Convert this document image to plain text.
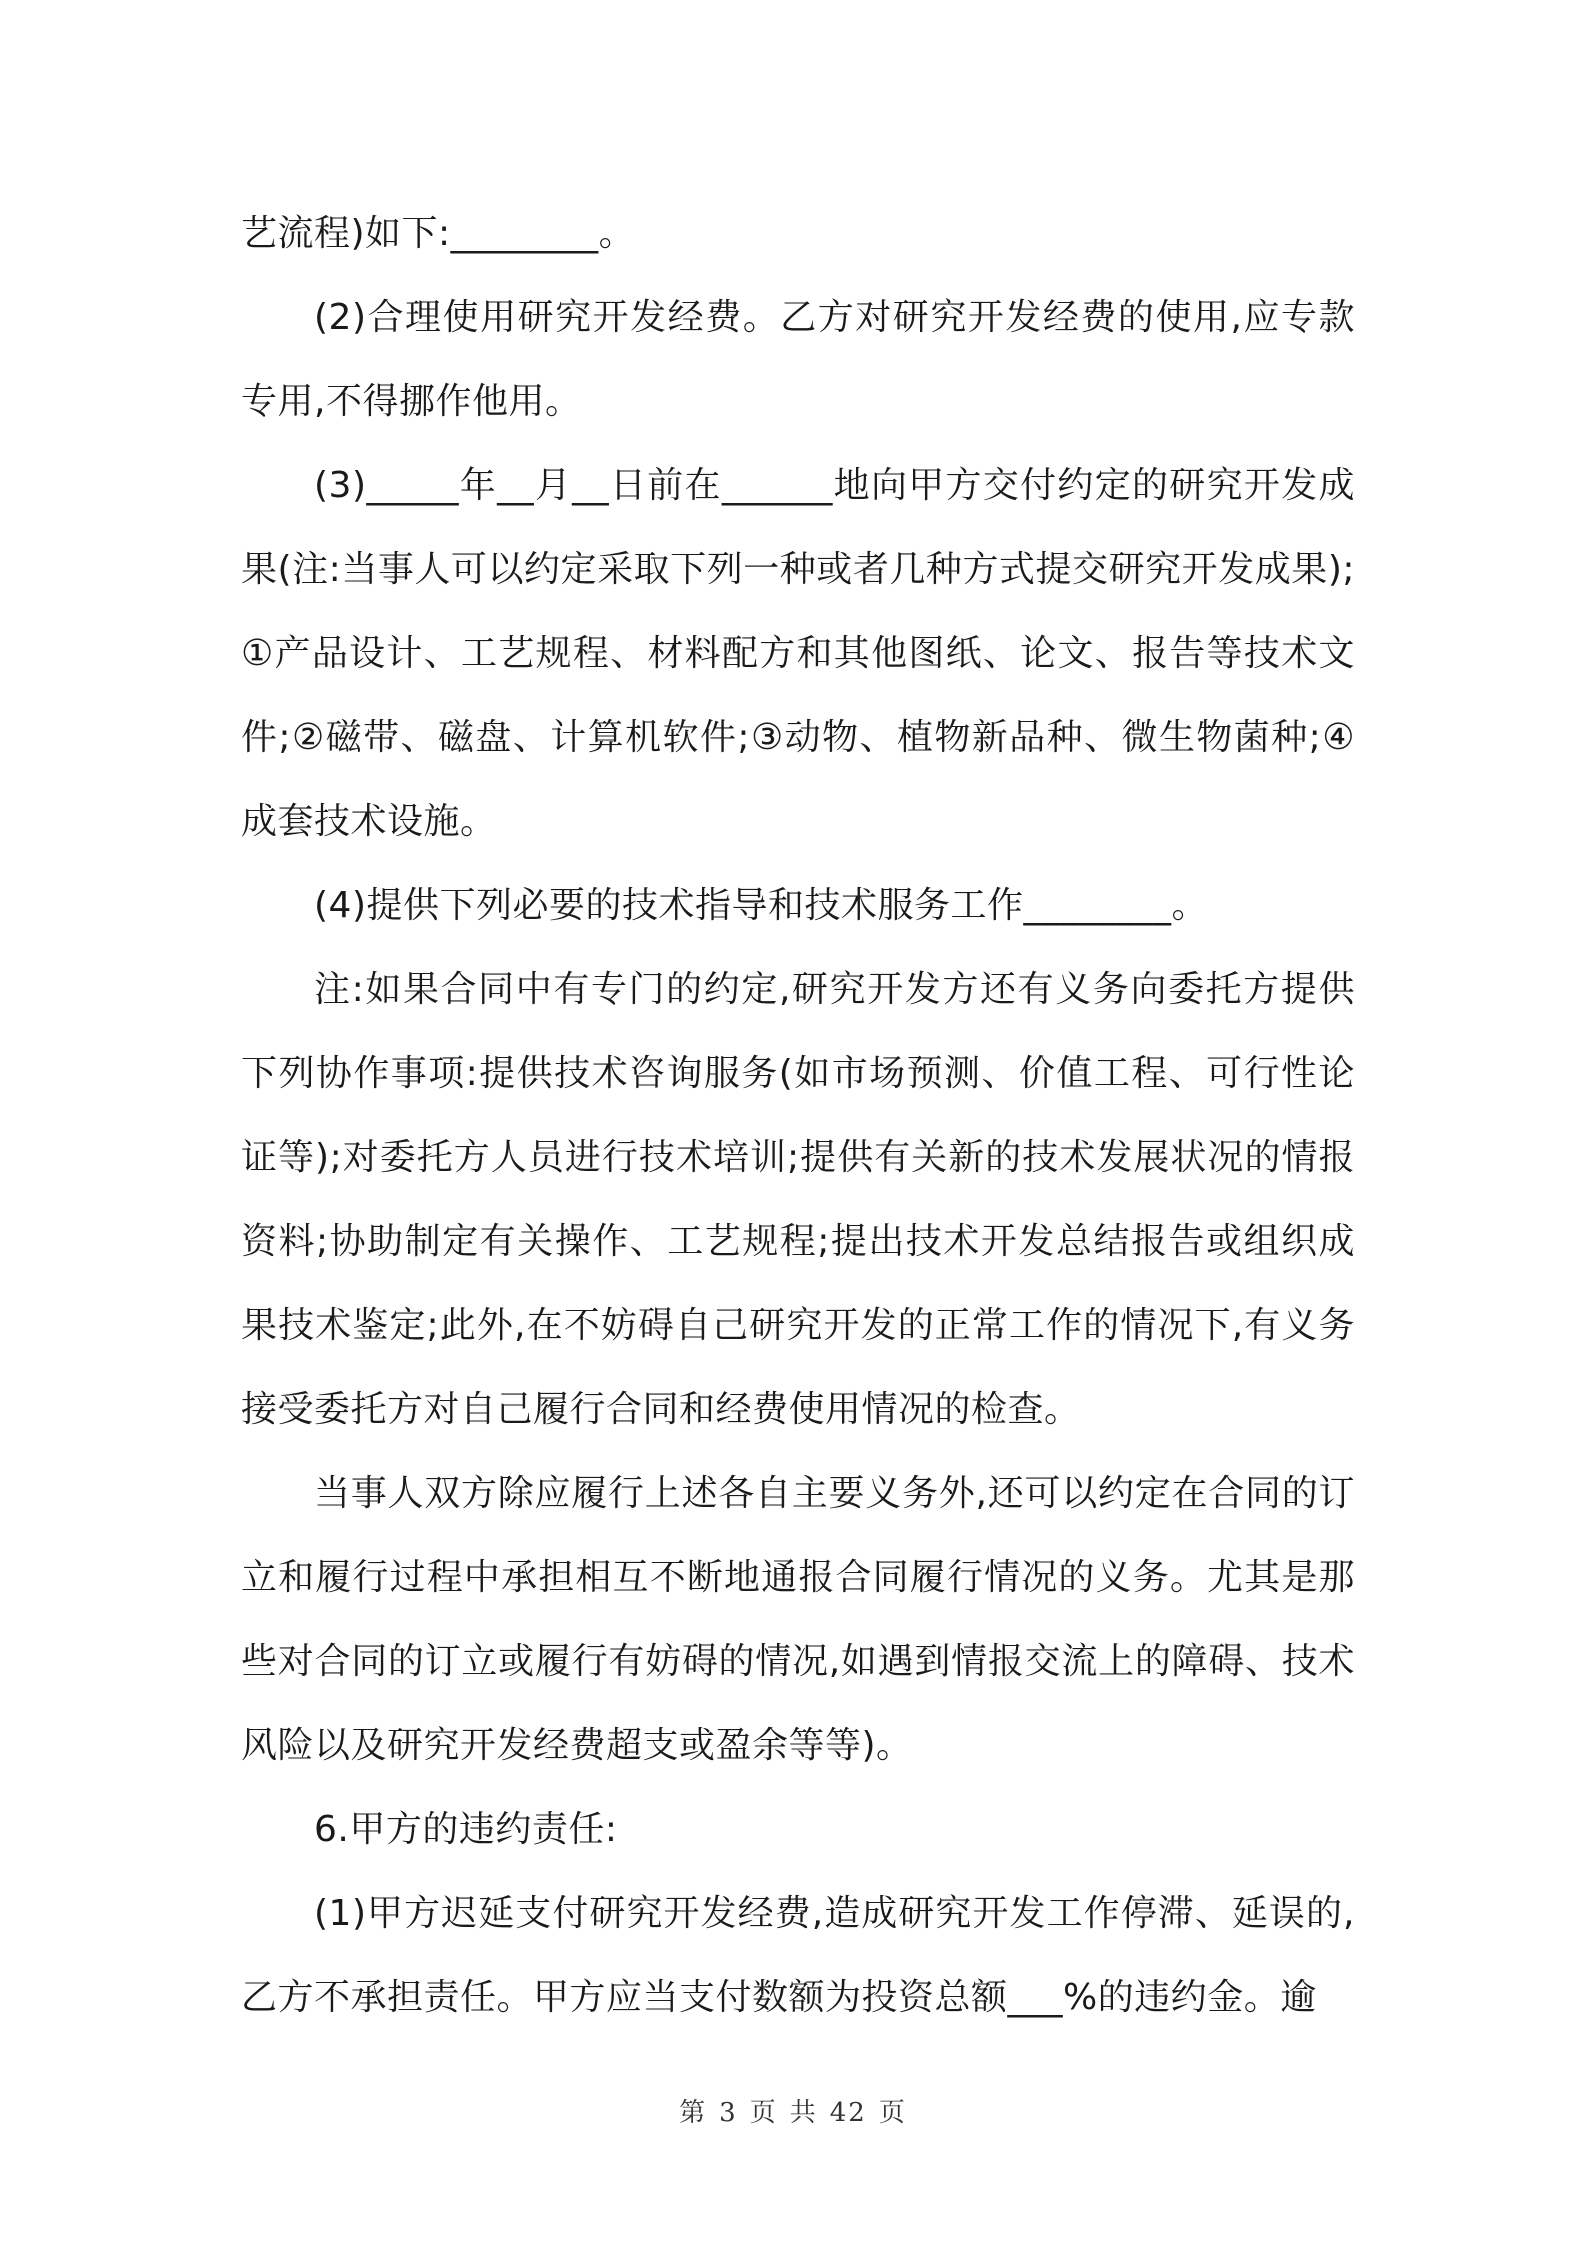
艺流程)如下:________。

(2)合理使用研究开发经费。乙方对研究开发经费的使用,应专款专用,不得挪作他用。

(3)_____年__月__日前在______地向甲方交付约定的研究开发成果(注:当事人可以约定采取下列一种或者几种方式提交研究开发成果);①产品设计、工艺规程、材料配方和其他图纸、论文、报告等技术文件;②磁带、磁盘、计算机软件;③动物、植物新品种、微生物菌种;④成套技术设施。

(4)提供下列必要的技术指导和技术服务工作________。

注:如果合同中有专门的约定,研究开发方还有义务向委托方提供下列协作事项:提供技术咨询服务(如市场预测、价值工程、可行性论证等);对委托方人员进行技术培训;提供有关新的技术发展状况的情报资料;协助制定有关操作、工艺规程;提出技术开发总结报告或组织成果技术鉴定;此外,在不妨碍自己研究开发的正常工作的情况下,有义务接受委托方对自己履行合同和经费使用情况的检查。

当事人双方除应履行上述各自主要义务外,还可以约定在合同的订立和履行过程中承担相互不断地通报合同履行情况的义务。尤其是那些对合同的订立或履行有妨碍的情况,如遇到情报交流上的障碍、技术风险以及研究开发经费超支或盈余等等)。

6.甲方的违约责任:

(1)甲方迟延支付研究开发经费,造成研究开发工作停滞、延误的,乙方不承担责任。甲方应当支付数额为投资总额___%的违约金。逾

第 3 页 共 42 页
